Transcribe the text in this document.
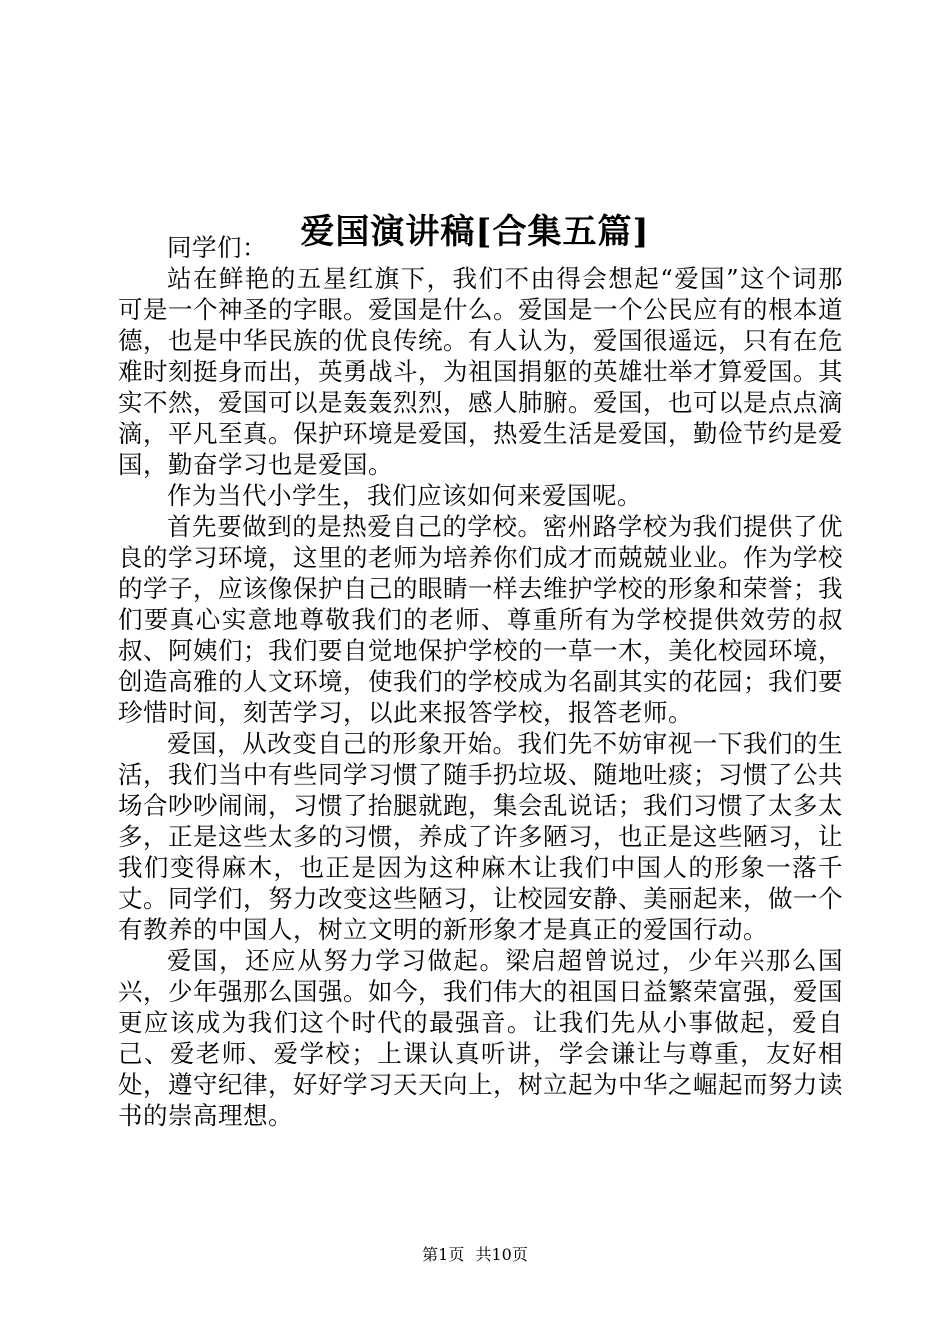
爱国演讲稿[合集五篇]

同学们：

站在鲜艳的五星红旗下，我们不由得会想起“爱国”这个词那可是一个神圣的字眼。爱国是什么。爱国是一个公民应有的根本道德，也是中华民族的优良传统。有人认为，爱国很遥远，只有在危难时刻挺身而出，英勇战斗，为祖国捐躯的英雄壮举才算爱国。其实不然，爱国可以是轰轰烈烈，感人肺腑。爱国，也可以是点点滴滴，平凡至真。保护环境是爱国，热爱生活是爱国，勤俭节约是爱国，勤奋学习也是爱国。

作为当代小学生，我们应该如何来爱国呢。

首先要做到的是热爱自己的学校。密州路学校为我们提供了优良的学习环境，这里的老师为培养你们成才而兢兢业业。作为学校的学子，应该像保护自己的眼睛一样去维护学校的形象和荣誉；我们要真心实意地尊敬我们的老师、尊重所有为学校提供效劳的叔叔、阿姨们；我们要自觉地保护学校的一草一木，美化校园环境，创造高雅的人文环境，使我们的学校成为名副其实的花园；我们要珍惜时间，刻苦学习，以此来报答学校，报答老师。

爱国，从改变自己的形象开始。我们先不妨审视一下我们的生活，我们当中有些同学习惯了随手扔垃圾、随地吐痰；习惯了公共场合吵吵闹闹，习惯了抬腿就跑，集会乱说话；我们习惯了太多太多，正是这些太多的习惯，养成了许多陋习，也正是这些陋习，让我们变得麻木，也正是因为这种麻木让我们中国人的形象一落千丈。同学们，努力改变这些陋习，让校园安静、美丽起来，做一个有教养的中国人，树立文明的新形象才是真正的爱国行动。

爱国，还应从努力学习做起。梁启超曾说过，少年兴那么国兴，少年强那么国强。如今，我们伟大的祖国日益繁荣富强，爱国更应该成为我们这个时代的最强音。让我们先从小事做起，爱自己、爱老师、爱学校；上课认真听讲，学会谦让与尊重，友好相处，遵守纪律，好好学习天天向上，树立起为中华之崛起而努力读书的崇高理想。

第1页 共10页
